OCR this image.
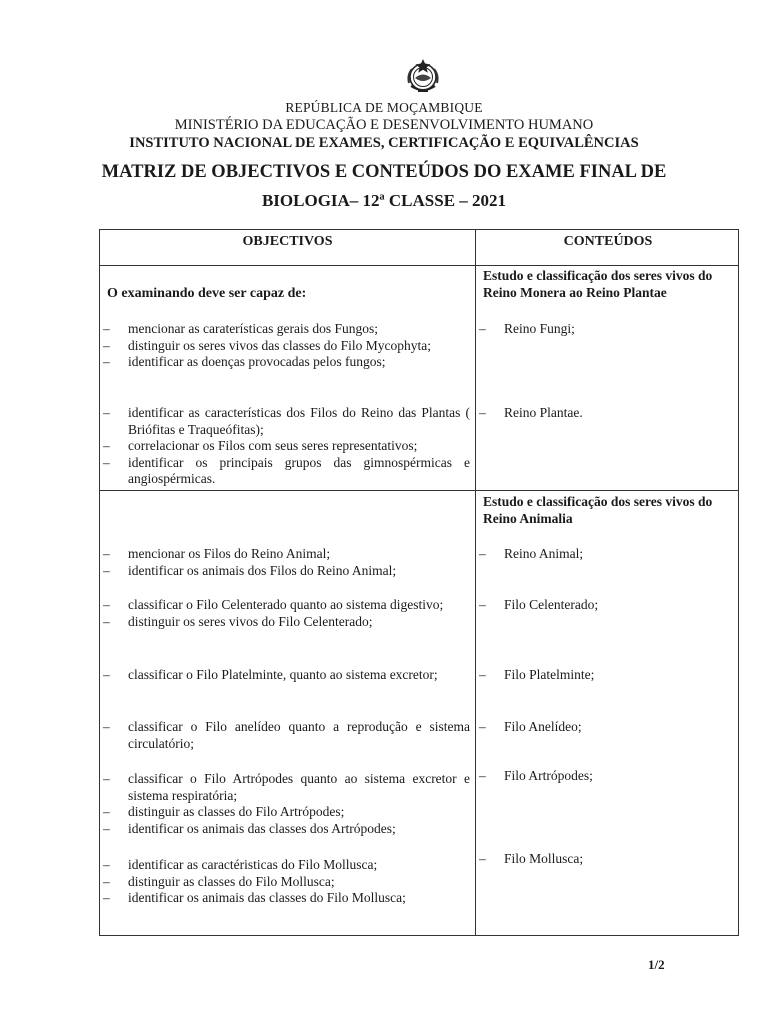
REPÚBLICA DE MOÇAMBIQUE
MINISTÉRIO DA EDUCAÇÃO E DESENVOLVIMENTO HUMANO
INSTITUTO NACIONAL DE EXAMES, CERTIFICAÇÃO E EQUIVALÊNCIAS
MATRIZ DE OBJECTIVOS E CONTEÚDOS DO EXAME FINAL DE
BIOLOGIA– 12ª CLASSE – 2021
OBJECTIVOS	CONTEÚDOS
O examinando deve ser capaz de:
Estudo e classificação dos seres vivos do Reino Monera ao Reino Plantae
– mencionar as caraterísticas gerais dos Fungos;
– distinguir os seres vivos das classes do Filo Mycophyta;
– identificar as doenças provocadas pelos fungos;
– Reino Fungi;
– identificar as características dos Filos do Reino das Plantas ( Briófitas e Traqueófitas);
– correlacionar os Filos com seus seres representativos;
– identificar os principais grupos das gimnospérmicas e angiospérmicas.
– Reino Plantae.
Estudo e classificação dos seres vivos do Reino Animalia
– mencionar os Filos do Reino Animal;
– identificar os animais dos Filos do Reino Animal;
– Reino Animal;
– classificar o Filo Celenterado quanto ao sistema digestivo;
– distinguir os seres vivos do Filo Celenterado;
– Filo Celenterado;
– classificar o Filo Platelminte, quanto ao sistema excretor;
–	Filo Platelminte;
– classificar o Filo anelídeo quanto a reprodução e sistema circulatório;
– Filo Anelídeo;
– classificar o Filo Artrópodes quanto ao sistema excretor e sistema respiratória;
– distinguir as classes do Filo Artrópodes;
– identificar os animais das classes dos Artrópodes;
– Filo Artrópodes;
– identificar as caractéristicas do Filo Mollusca;
– distinguir as classes do Filo Mollusca;
– identificar os animais das classes do Filo Mollusca;
– Filo Mollusca;
1/2
